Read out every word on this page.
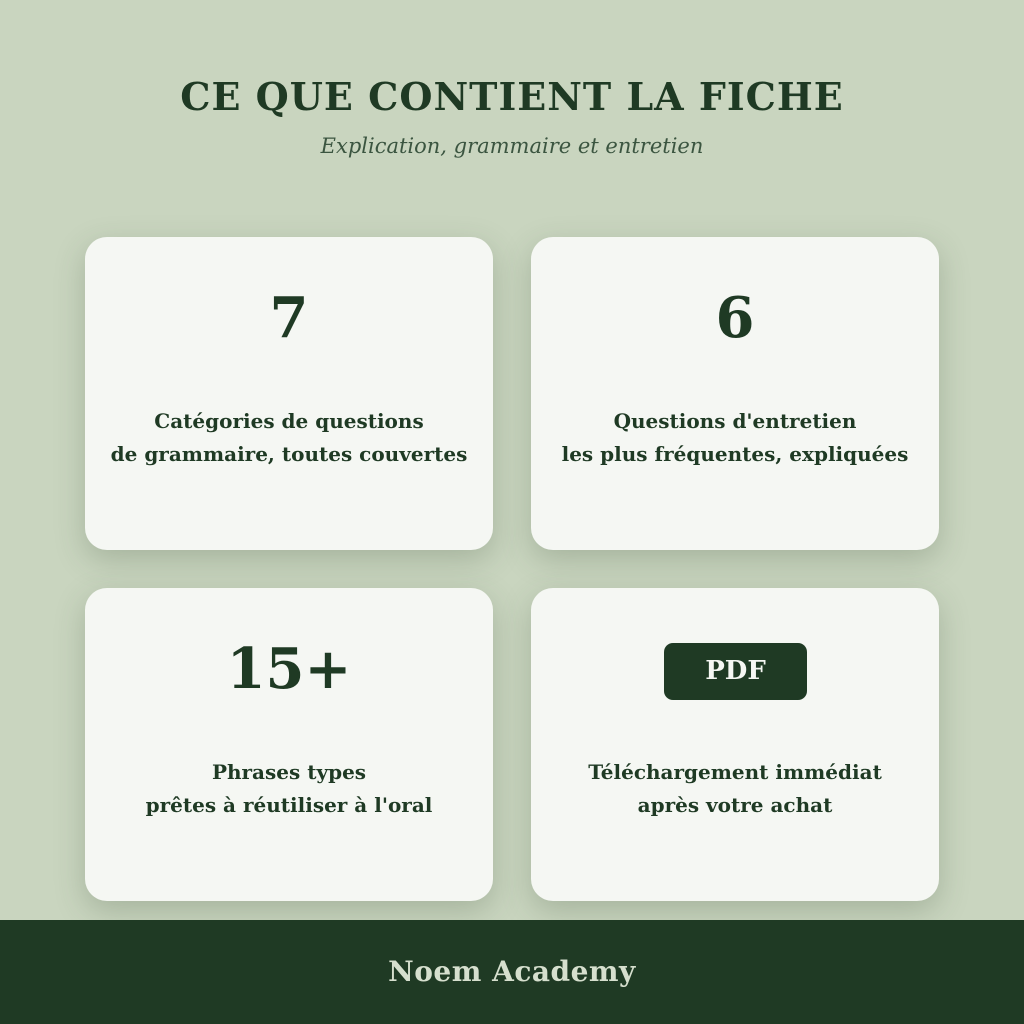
CE QUE CONTIENT LA FICHE
Explication, grammaire et entretien
7
Catégories de questions
de grammaire, toutes couvertes
6
Questions d'entretien
les plus fréquentes, expliquées
15+
Phrases types
prêtes à réutiliser à l'oral
PDF
Téléchargement immédiat
après votre achat
Noem Academy
